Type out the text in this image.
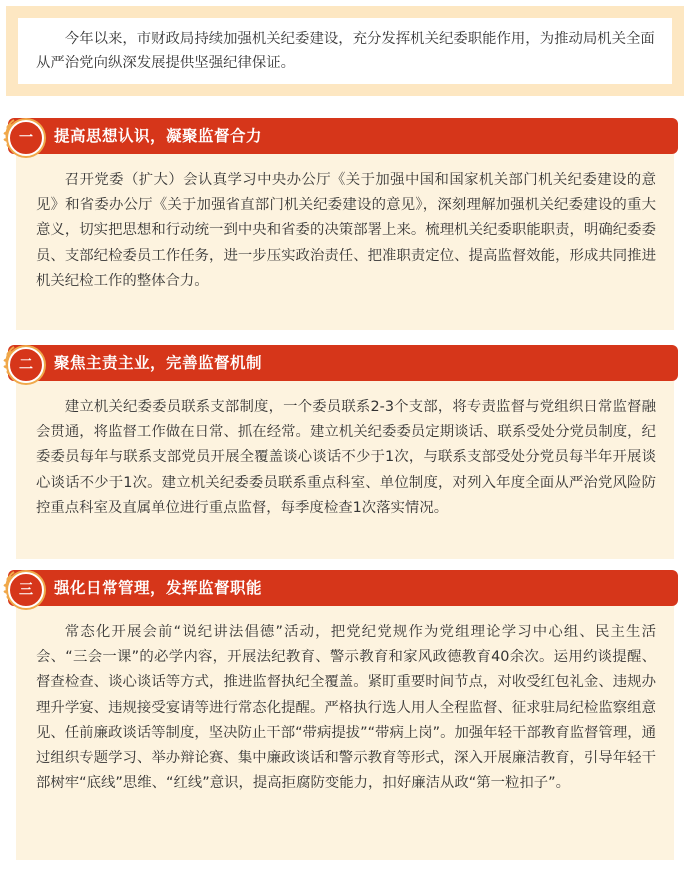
今年以来，市财政局持续加强机关纪委建设，充分发挥机关纪委职能作用，为推动局机关全面从严治党向纵深发展提供坚强纪律保证。
一	提高思想认识，凝聚监督合力
召开党委（扩大）会认真学习中央办公厅《关于加强中国和国家机关部门机关纪委建设的意见》和省委办公厅《关于加强省直部门机关纪委建设的意见》，深刻理解加强机关纪委建设的重大意义，切实把思想和行动统一到中央和省委的决策部署上来。梳理机关纪委职能职责，明确纪委委员、支部纪检委员工作任务，进一步压实政治责任、把准职责定位、提高监督效能，形成共同推进机关纪检工作的整体合力。
二	聚焦主责主业，完善监督机制
建立机关纪委委员联系支部制度，一个委员联系2-3个支部，将专责监督与党组织日常监督融会贯通，将监督工作做在日常、抓在经常。建立机关纪委委员定期谈话、联系受处分党员制度，纪委委员每年与联系支部党员开展全覆盖谈心谈话不少于1次，与联系支部受处分党员每半年开展谈心谈话不少于1次。建立机关纪委委员联系重点科室、单位制度，对列入年度全面从严治党风险防控重点科室及直属单位进行重点监督，每季度检查1次落实情况。
三	强化日常管理，发挥监督职能
常态化开展会前“说纪讲法倡德”活动，把党纪党规作为党组理论学习中心组、民主生活会、“三会一课”的必学内容，开展法纪教育、警示教育和家风政德教育40余次。运用约谈提醒、督查检查、谈心谈话等方式，推进监督执纪全覆盖。紧盯重要时间节点，对收受红包礼金、违规办理升学宴、违规接受宴请等进行常态化提醒。严格执行选人用人全程监督、征求驻局纪检监察组意见、任前廉政谈话等制度，坚决防止干部“带病提拔”“带病上岗”。加强年轻干部教育监督管理，通过组织专题学习、举办辩论赛、集中廉政谈话和警示教育等形式，深入开展廉洁教育，引导年轻干部树牢“底线”思维、“红线”意识，提高拒腐防变能力，扣好廉洁从政“第一粒扣子”。
